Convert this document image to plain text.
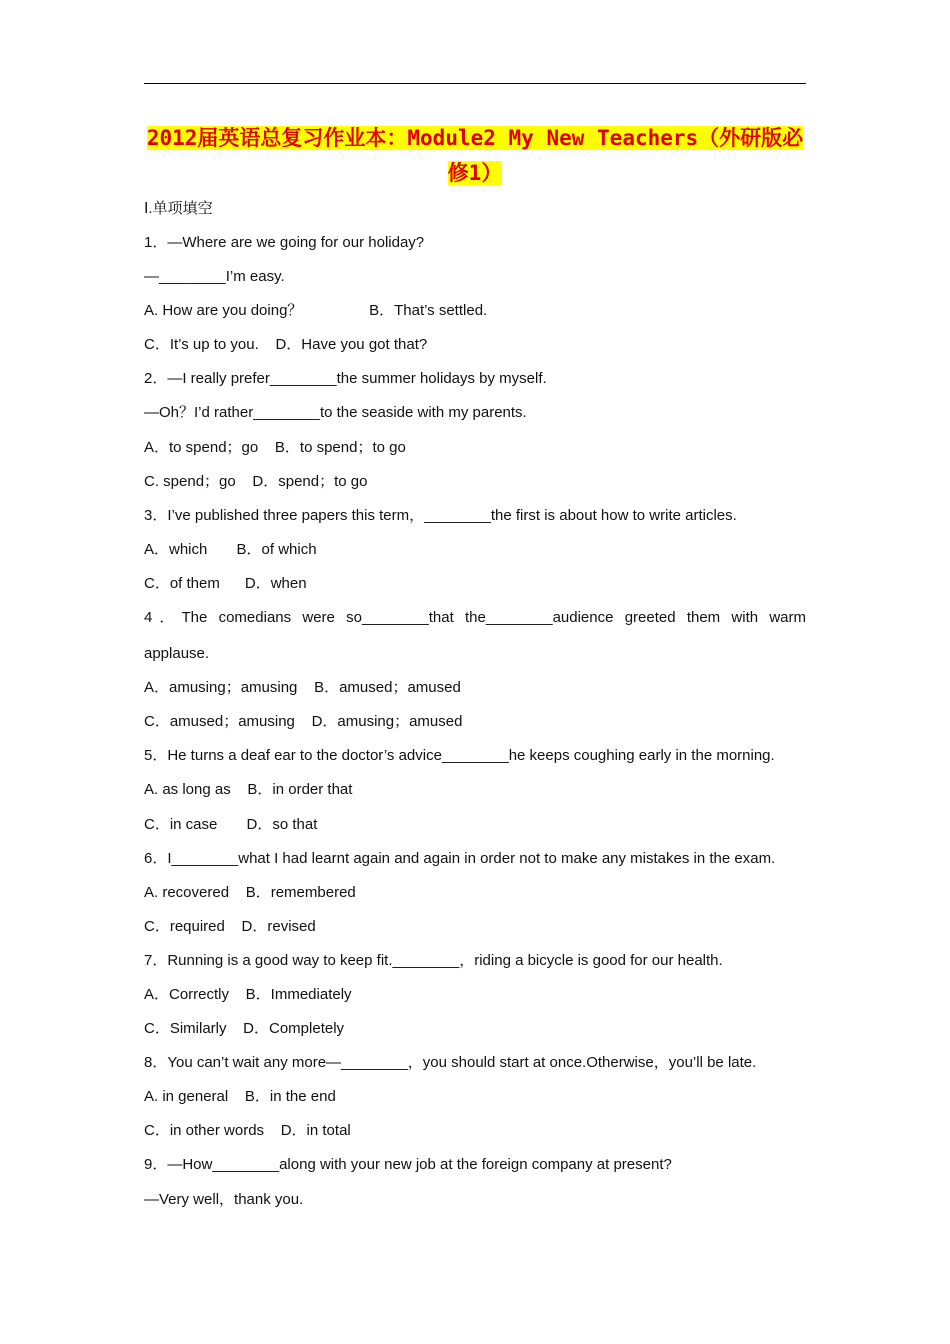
2012届英语总复习作业本：Module2 My New Teachers（外研版必修1）
Ⅰ.单项填空
1．—Where are we going for our holiday?
—________I’m easy.
A. How are you doing？                B．That’s settled.
C．It’s up to you.    D．Have you got that?
2．—I really prefer________the summer holidays by myself.
—Oh？I’d rather________to the seaside with my parents.
A．to spend；go    B．to spend；to go
C. spend；go    D．spend；to go
3．I’ve published three papers this term，________the first is about how to write articles.
A．which       B．of which
C．of them      D．when
4．The comedians were so________that the________audience greeted them with warm
applause.
A．amusing；amusing    B．amused；amused
C．amused；amusing    D．amusing；amused
5．He turns a deaf ear to the doctor’s advice________he keeps coughing early in the morning.
A. as long as    B．in order that
C．in case       D．so that
6．I________what I had learnt again and again in order not to make any mistakes in the exam.
A. recovered    B．remembered
C．required    D．revised
7．Running is a good way to keep fit.________，riding a bicycle is good for our health.
A．Correctly    B．Immediately
C．Similarly    D．Completely
8．You can’t wait any more—________，you should start at once.Otherwise，you’ll be late.
A. in general    B．in the end
C．in other words    D．in total
9．—How________along with your new job at the foreign company at present?
—Very well，thank you.
